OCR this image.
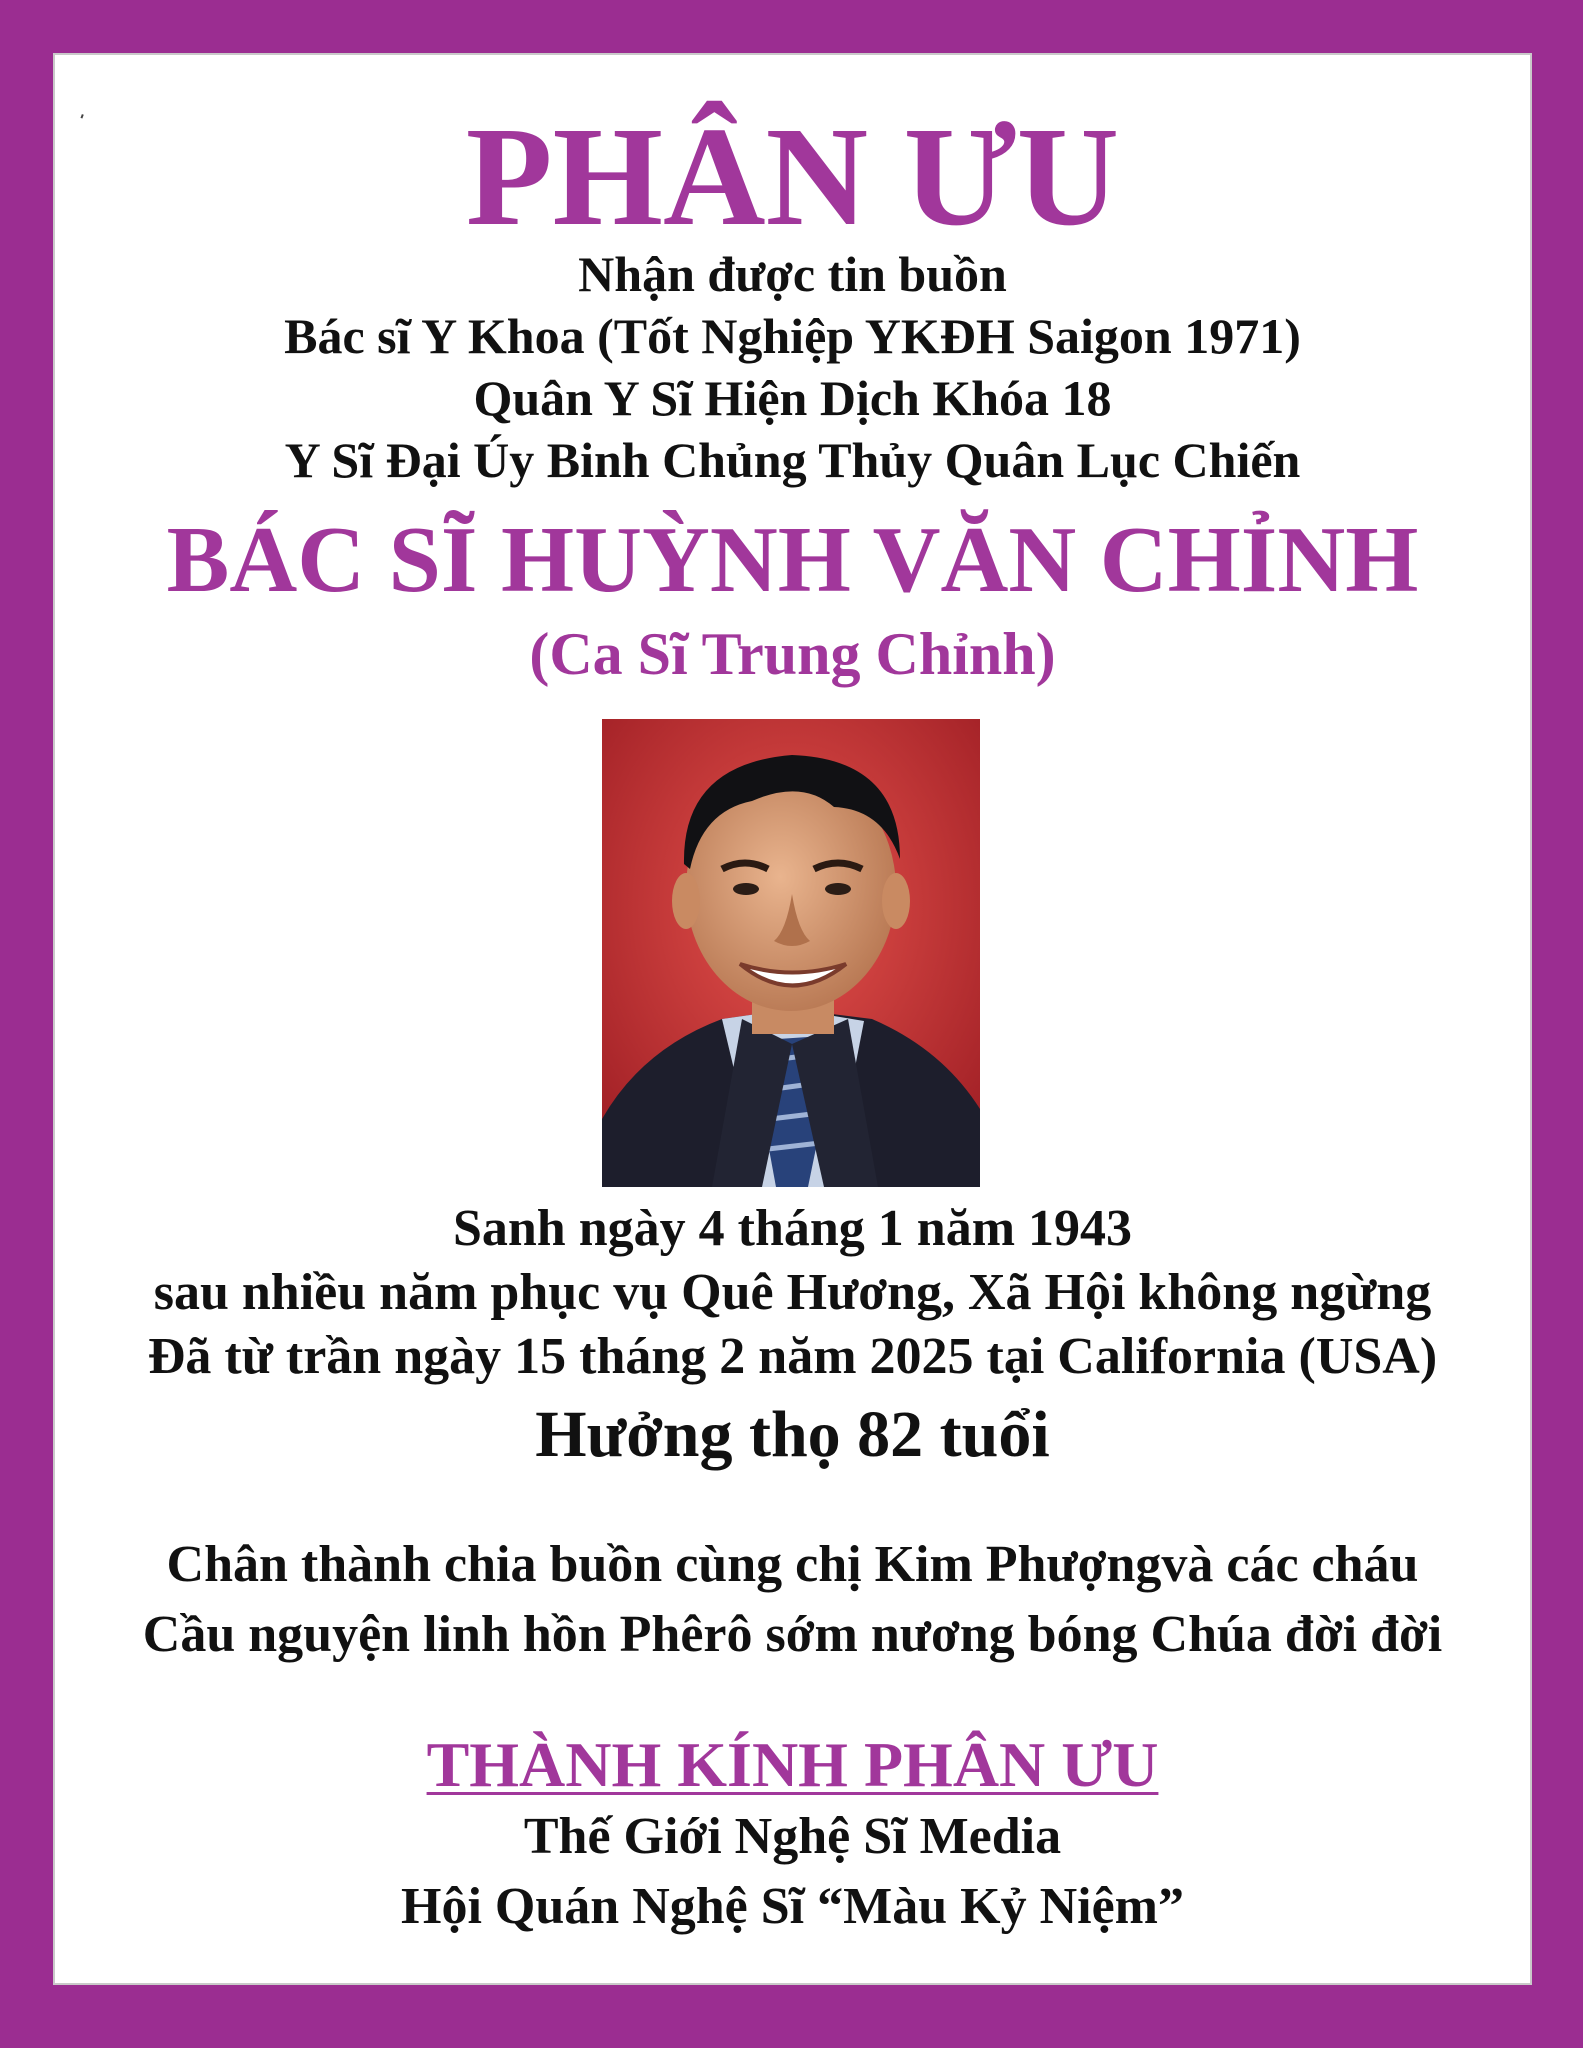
PHÂN ƯU
Nhận được tin buồn
Bác sĩ Y Khoa (Tốt Nghiệp YKĐH Saigon 1971)
Quân Y Sĩ Hiện Dịch Khóa 18
Y Sĩ Đại Úy Binh Chủng Thủy Quân Lục Chiến
BÁC SĨ HUỲNH VĂN CHỈNH
(Ca Sĩ Trung Chỉnh)
Sanh ngày 4 tháng 1 năm 1943
sau nhiều năm phục vụ Quê Hương, Xã Hội không ngừng
Đã từ trần ngày 15 tháng 2 năm 2025 tại California (USA)
Hưởng thọ 82 tuổi
Chân thành chia buồn cùng chị Kim Phượngvà các cháu
Cầu nguyện linh hồn Phêrô sớm nương bóng Chúa đời đời
THÀNH KÍNH PHÂN ƯU
Thế Giới Nghệ Sĩ Media
Hội Quán Nghệ Sĩ “Màu Kỷ Niệm”
